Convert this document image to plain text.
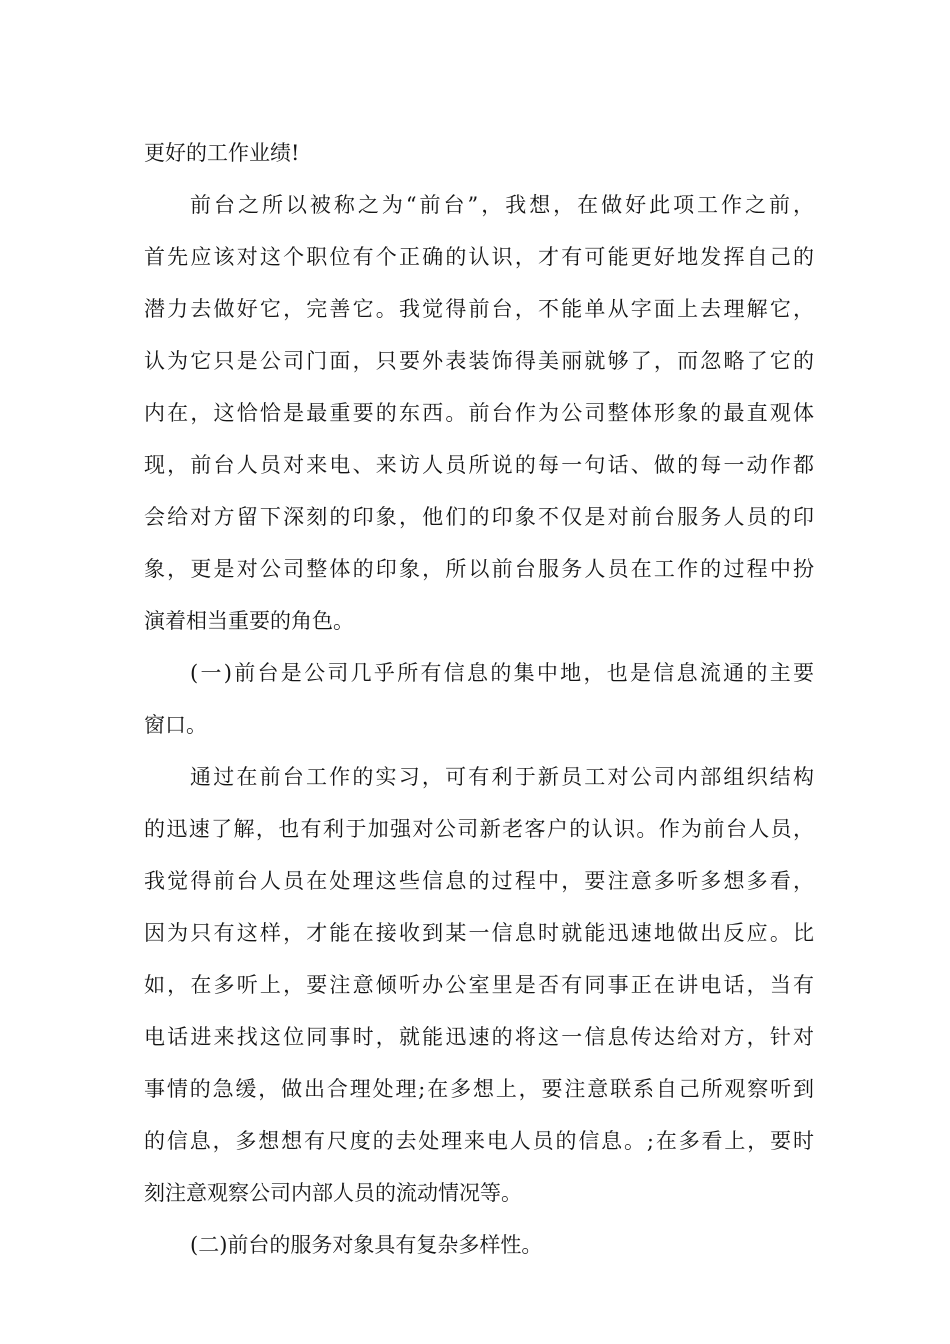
更好的工作业绩!

前台之所以被称之为“前台”，我想，在做好此项工作之前，

首先应该对这个职位有个正确的认识，才有可能更好地发挥自己的

潜力去做好它，完善它。我觉得前台，不能单从字面上去理解它，

认为它只是公司门面，只要外表装饰得美丽就够了，而忽略了它的

内在，这恰恰是最重要的东西。前台作为公司整体形象的最直观体

现，前台人员对来电、来访人员所说的每一句话、做的每一动作都

会给对方留下深刻的印象，他们的印象不仅是对前台服务人员的印

象，更是对公司整体的印象，所以前台服务人员在工作的过程中扮

演着相当重要的角色。

(一)前台是公司几乎所有信息的集中地，也是信息流通的主要

窗口。

通过在前台工作的实习，可有利于新员工对公司内部组织结构

的迅速了解，也有利于加强对公司新老客户的认识。作为前台人员，

我觉得前台人员在处理这些信息的过程中，要注意多听多想多看，

因为只有这样，才能在接收到某一信息时就能迅速地做出反应。比

如，在多听上，要注意倾听办公室里是否有同事正在讲电话，当有

电话进来找这位同事时，就能迅速的将这一信息传达给对方，针对

事情的急缓，做出合理处理;在多想上，要注意联系自己所观察听到

的信息，多想想有尺度的去处理来电人员的信息。;在多看上，要时

刻注意观察公司内部人员的流动情况等。

(二)前台的服务对象具有复杂多样性。
